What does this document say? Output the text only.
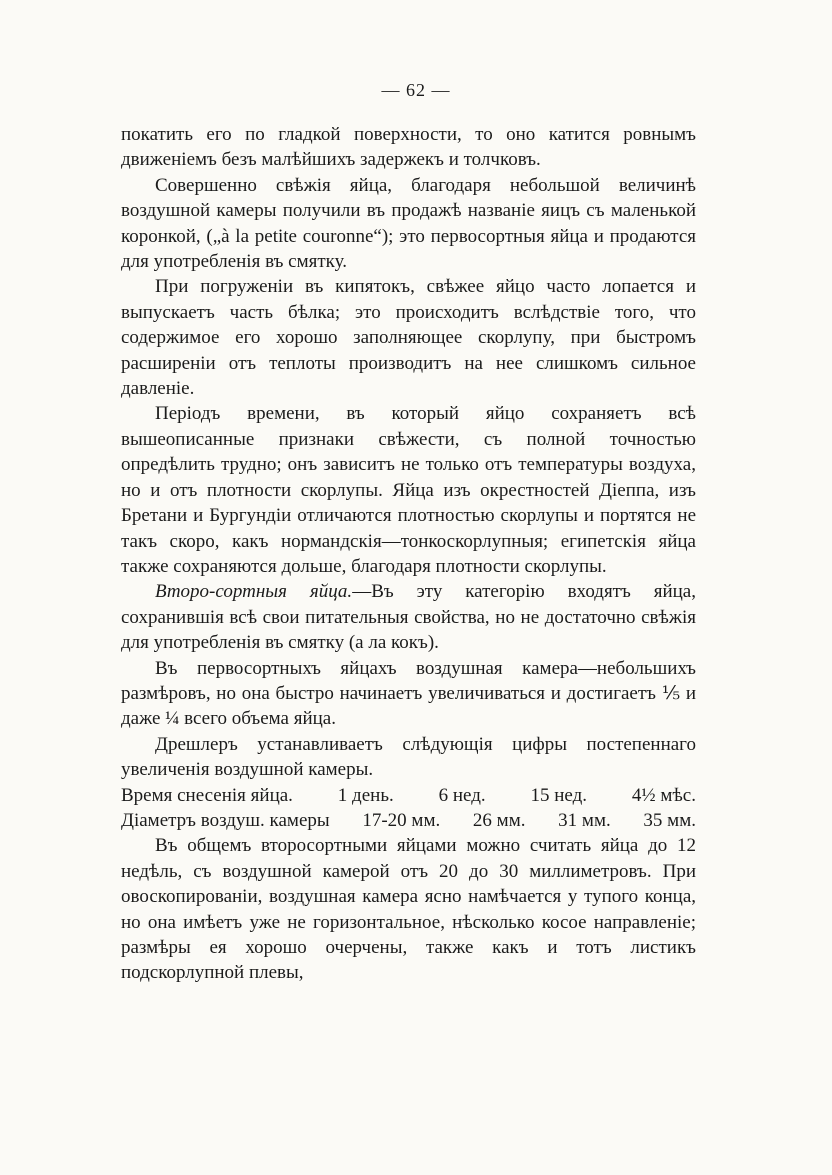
— 62 —

покатить его по гладкой поверхности, то оно катится ровнымъ движенiемъ безъ малѣйшихъ задержекъ и толчковъ.

Совершенно свѣжiя яйца, благодаря небольшой величинѣ воздушной камеры получили въ продажѣ названiе яицъ съ маленькой коронкой, („à la petite couronne“); это первосортныя яйца и продаются для употребленiя въ смятку.

При погруженiи въ кипятокъ, свѣжее яйцо часто лопается и выпускаетъ часть бѣлка; это происходитъ вслѣдствiе того, что содержимое его хорошо заполняющее скорлупу, при быстромъ расширенiи отъ теплоты производитъ на нее слишкомъ сильное давленiе.

Перiодъ времени, въ который яйцо сохраняетъ всѣ вышеописанные признаки свѣжести, съ полной точностью опредѣлить трудно; онъ зависитъ не только отъ температуры воздуха, но и отъ плотности скорлупы. Яйца изъ окрестностей Дiеппа, изъ Бретани и Бургундiи отличаются плотностью скорлупы и портятся не такъ скоро, какъ нормандскiя—тонкоскорлупныя; египетскiя яйца также сохраняются дольше, благодаря плотности скорлупы.

Второ-сортныя яйца.—Въ эту категорiю входятъ яйца, сохранившiя всѣ свои питательныя свойства, но не достаточно свѣжiя для употребленiя въ смятку (а ла кокъ).

Въ первосортныхъ яйцахъ воздушная камера—небольшихъ размѣровъ, но она быстро начинаетъ увеличиваться и достигаетъ ⅕ и даже ¼ всего объема яйца.

Дрешлеръ устанавливаетъ слѣдующiя цифры постепеннаго увеличенiя воздушной камеры.

Время снесенiя яйца. 1 день. 6 нед. 15 нед. 4½ мѣс.
Дiаметръ воздуш. камеры 17-20 мм. 26 мм. 31 мм. 35 мм.

Въ общемъ второсортными яйцами можно считать яйца до 12 недѣль, съ воздушной камерой отъ 20 до 30 миллиметровъ. При овоскопированiи, воздушная камера ясно намѣчается у тупого конца, но она имѣетъ уже не горизонтальное, нѣсколько косое направленiе; размѣры ея хорошо очерчены, также какъ и тотъ листикъ подскорлупной плевы,
